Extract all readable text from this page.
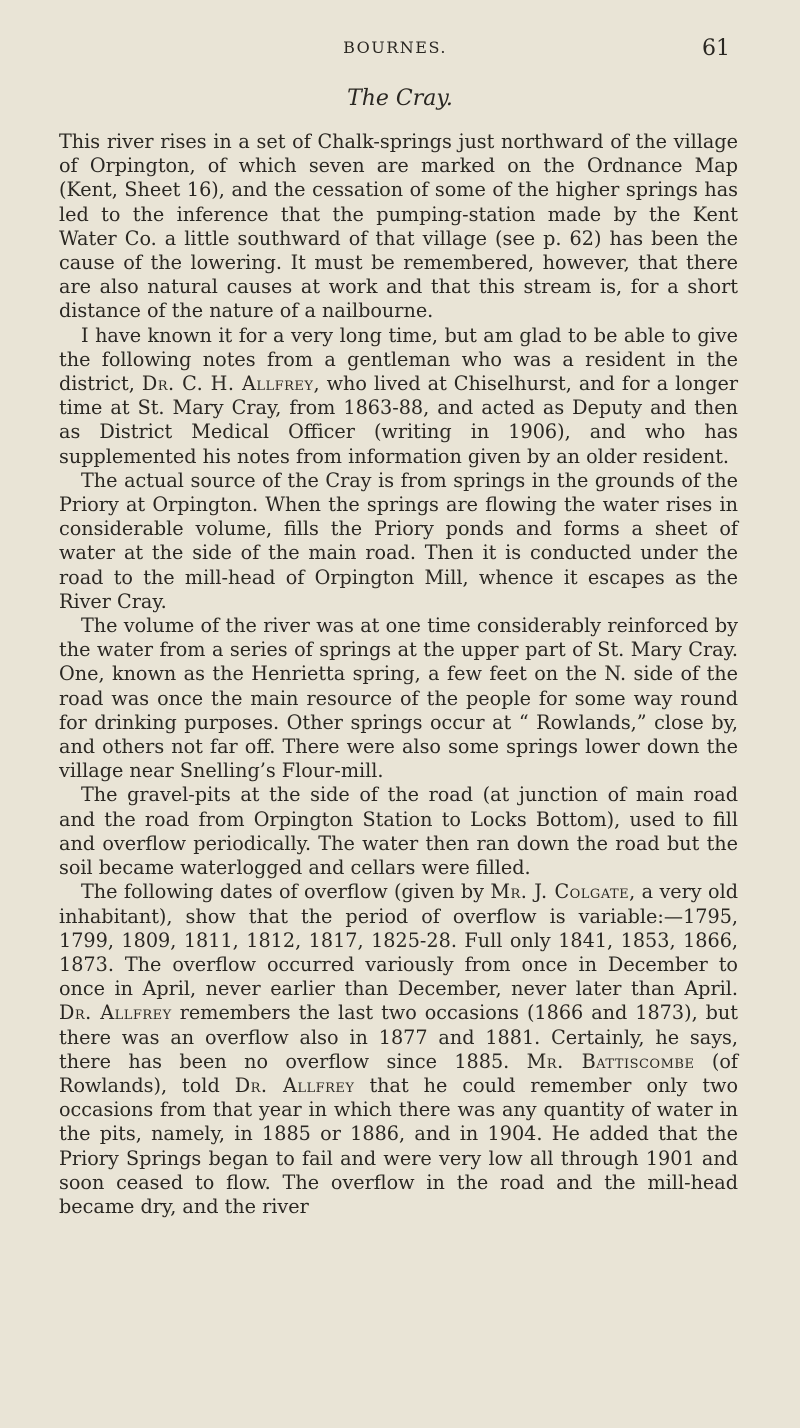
BOURNES.	61
The Cray.

This river rises in a set of Chalk-springs just northward of the village of Orpington, of which seven are marked on the Ordnance Map (Kent, Sheet 16), and the cessation of some of the higher springs has led to the inference that the pumping-station made by the Kent Water Co. a little southward of that village (see p. 62) has been the cause of the lowering. It must be remembered, however, that there are also natural causes at work and that this stream is, for a short distance of the nature of a nailbourne.

I have known it for a very long time, but am glad to be able to give the following notes from a gentleman who was a resident in the district, Dr. C. H. Allfrey, who lived at Chiselhurst, and for a longer time at St. Mary Cray, from 1863-88, and acted as Deputy and then as District Medical Officer (writing in 1906), and who has supplemented his notes from information given by an older resident.

The actual source of the Cray is from springs in the grounds of the Priory at Orpington. When the springs are flowing the water rises in considerable volume, fills the Priory ponds and forms a sheet of water at the side of the main road. Then it is conducted under the road to the mill-head of Orpington Mill, whence it escapes as the River Cray.

The volume of the river was at one time considerably reinforced by the water from a series of springs at the upper part of St. Mary Cray. One, known as the Henrietta spring, a few feet on the N. side of the road was once the main resource of the people for some way round for drinking purposes. Other springs occur at “ Rowlands,” close by, and others not far off. There were also some springs lower down the village near Snelling’s Flour-mill.

The gravel-pits at the side of the road (at junction of main road and the road from Orpington Station to Locks Bottom), used to fill and overflow periodically. The water then ran down the road but the soil became waterlogged and cellars were filled.

The following dates of overflow (given by Mr. J. Colgate, a very old inhabitant), show that the period of overflow is variable:—1795, 1799, 1809, 1811, 1812, 1817, 1825-28. Full only 1841, 1853, 1866, 1873. The overflow occurred variously from once in December to once in April, never earlier than December, never later than April. Dr. Allfrey remembers the last two occasions (1866 and 1873), but there was an overflow also in 1877 and 1881. Certainly, he says, there has been no overflow since 1885. Mr. Battiscombe (of Rowlands), told Dr. Allfrey that he could remember only two occasions from that year in which there was any quantity of water in the pits, namely, in 1885 or 1886, and in 1904. He added that the Priory Springs began to fail and were very low all through 1901 and soon ceased to flow. The overflow in the road and the mill-head became dry, and the river
